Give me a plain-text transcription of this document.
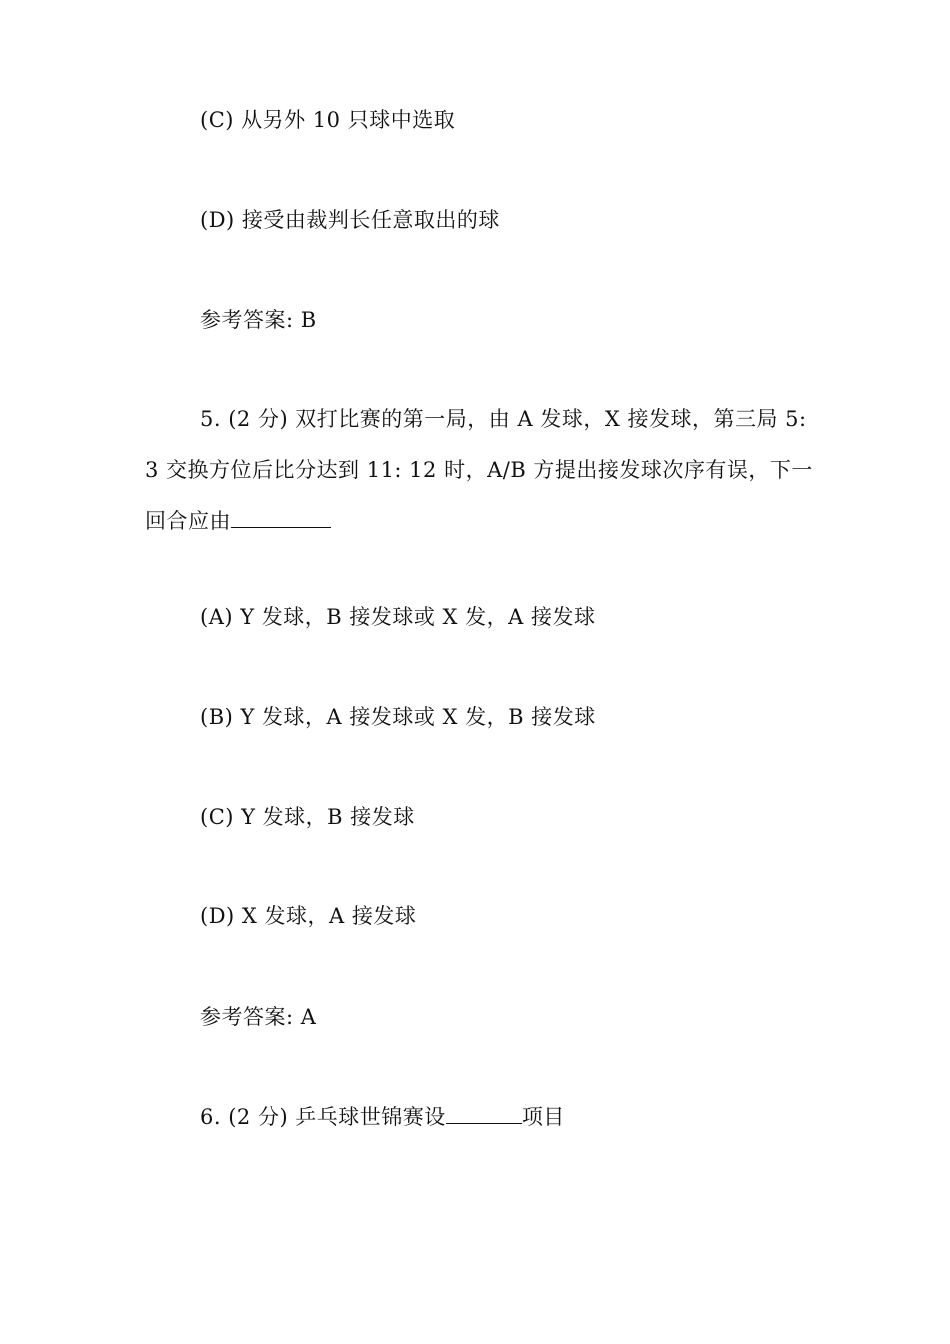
(C) 从另外 10 只球中选取
(D) 接受由裁判长任意取出的球
参考答案: B
5. (2 分) 双打比赛的第一局，由 A 发球，X 接发球，第三局 5:
3 交换方位后比分达到 11: 12 时，A/B 方提出接发球次序有误，下一
回合应由
(A) Y 发球，B 接发球或 X 发，A 接发球
(B) Y 发球，A 接发球或 X 发，B 接发球
(C) Y 发球，B 接发球
(D) X 发球，A 接发球
参考答案: A
6. (2 分) 乒乓球世锦赛设	项目
